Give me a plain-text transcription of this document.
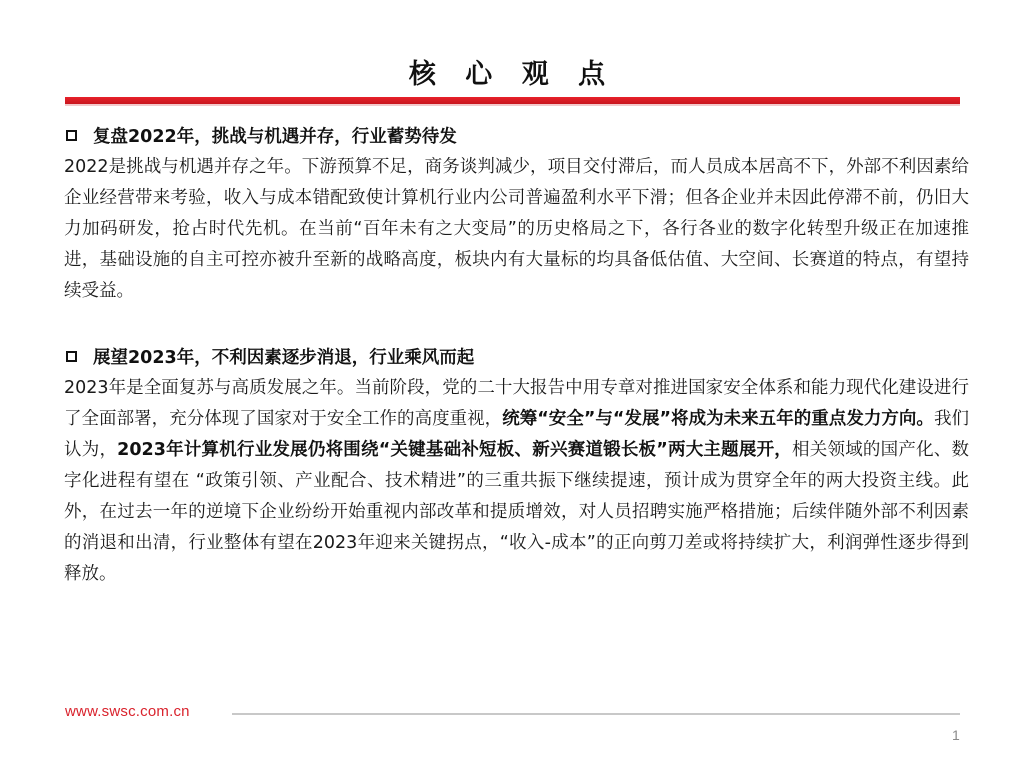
核 心 观 点
复盘2022年，挑战与机遇并存，行业蓄势待发

2022是挑战与机遇并存之年。下游预算不足，商务谈判减少，项目交付滞后，而人员成本居高不下，外部不利因素给企业经营带来考验，收入与成本错配致使计算机行业内公司普遍盈利水平下滑；但各企业并未因此停滞不前，仍旧大力加码研发，抢占时代先机。在当前“百年未有之大变局”的历史格局之下，各行各业的数字化转型升级正在加速推进，基础设施的自主可控亦被升至新的战略高度，板块内有大量标的均具备低估值、大空间、长赛道的特点，有望持续受益。

展望2023年，不利因素逐步消退，行业乘风而起

2023年是全面复苏与高质发展之年。当前阶段，党的二十大报告中用专章对推进国家安全体系和能力现代化建设进行了全面部署，充分体现了国家对于安全工作的高度重视，统筹“安全”与“发展”将成为未来五年的重点发力方向。我们认为，2023年计算机行业发展仍将围绕“关键基础补短板、新兴赛道锻长板”两大主题展开，相关领域的国产化、数字化进程有望在 “政策引领、产业配合、技术精进”的三重共振下继续提速，预计成为贯穿全年的两大投资主线。此外，在过去一年的逆境下企业纷纷开始重视内部改革和提质增效，对人员招聘实施严格措施；后续伴随外部不利因素的消退和出清，行业整体有望在2023年迎来关键拐点，“收入-成本”的正向剪刀差或将持续扩大，利润弹性逐步得到释放。

www.swsc.com.cn
1
